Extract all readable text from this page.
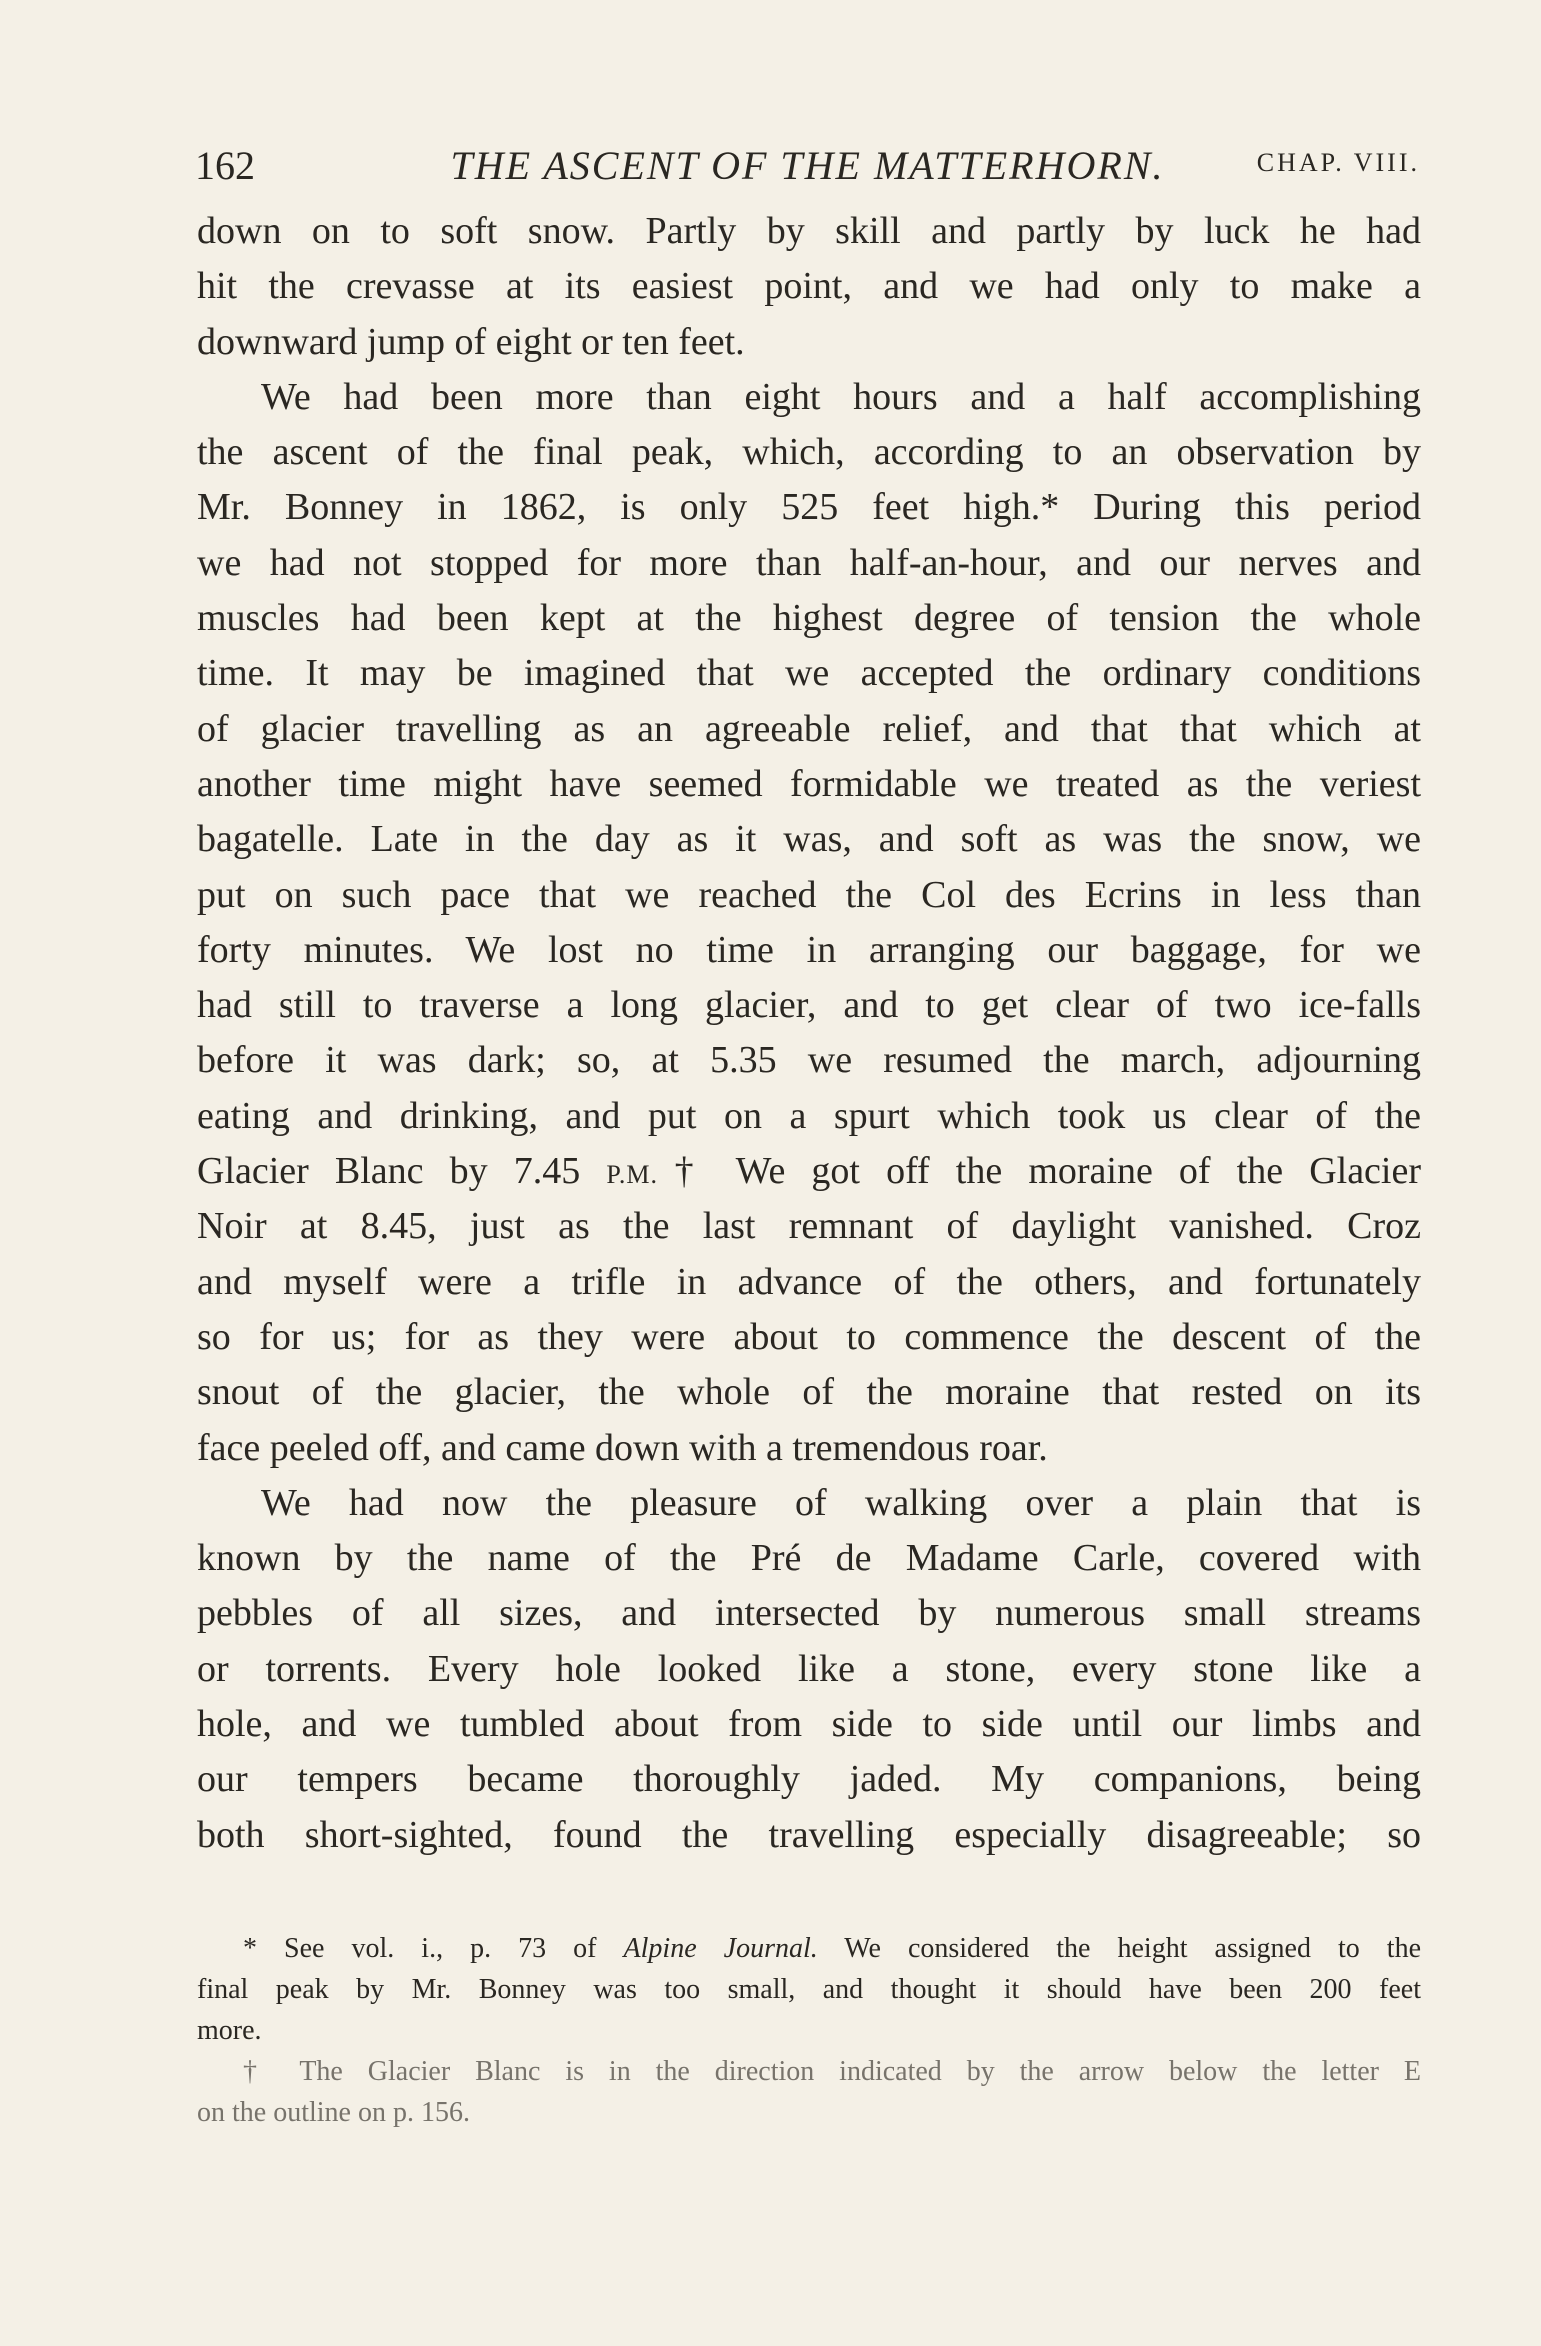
162	THE ASCENT OF THE MATTERHORN.	CHAP. VIII.
down on to soft snow. Partly by skill and partly by luck he had
hit the crevasse at its easiest point, and we had only to make a
downward jump of eight or ten feet.
We had been more than eight hours and a half accomplishing
the ascent of the final peak, which, according to an observation by
Mr. Bonney in 1862, is only 525 feet high.* During this period
we had not stopped for more than half-an-hour, and our nerves and
muscles had been kept at the highest degree of tension the whole
time. It may be imagined that we accepted the ordinary conditions
of glacier travelling as an agreeable relief, and that that which at
another time might have seemed formidable we treated as the veriest
bagatelle. Late in the day as it was, and soft as was the snow, we
put on such pace that we reached the Col des Ecrins in less than
forty minutes. We lost no time in arranging our baggage, for we
had still to traverse a long glacier, and to get clear of two ice-falls
before it was dark; so, at 5.35 we resumed the march, adjourning
eating and drinking, and put on a spurt which took us clear of the
Glacier Blanc by 7.45 P.M.† We got off the moraine of the Glacier
Noir at 8.45, just as the last remnant of daylight vanished. Croz
and myself were a trifle in advance of the others, and fortunately
so for us; for as they were about to commence the descent of the
snout of the glacier, the whole of the moraine that rested on its
face peeled off, and came down with a tremendous roar.
We had now the pleasure of walking over a plain that is
known by the name of the Pré de Madame Carle, covered with
pebbles of all sizes, and intersected by numerous small streams
or torrents. Every hole looked like a stone, every stone like a
hole, and we tumbled about from side to side until our limbs and
our tempers became thoroughly jaded. My companions, being
both short-sighted, found the travelling especially disagreeable; so
* See vol. i., p. 73 of Alpine Journal. We considered the height assigned to the
final peak by Mr. Bonney was too small, and thought it should have been 200 feet
more.
† The Glacier Blanc is in the direction indicated by the arrow below the letter E
on the outline on p. 156.
